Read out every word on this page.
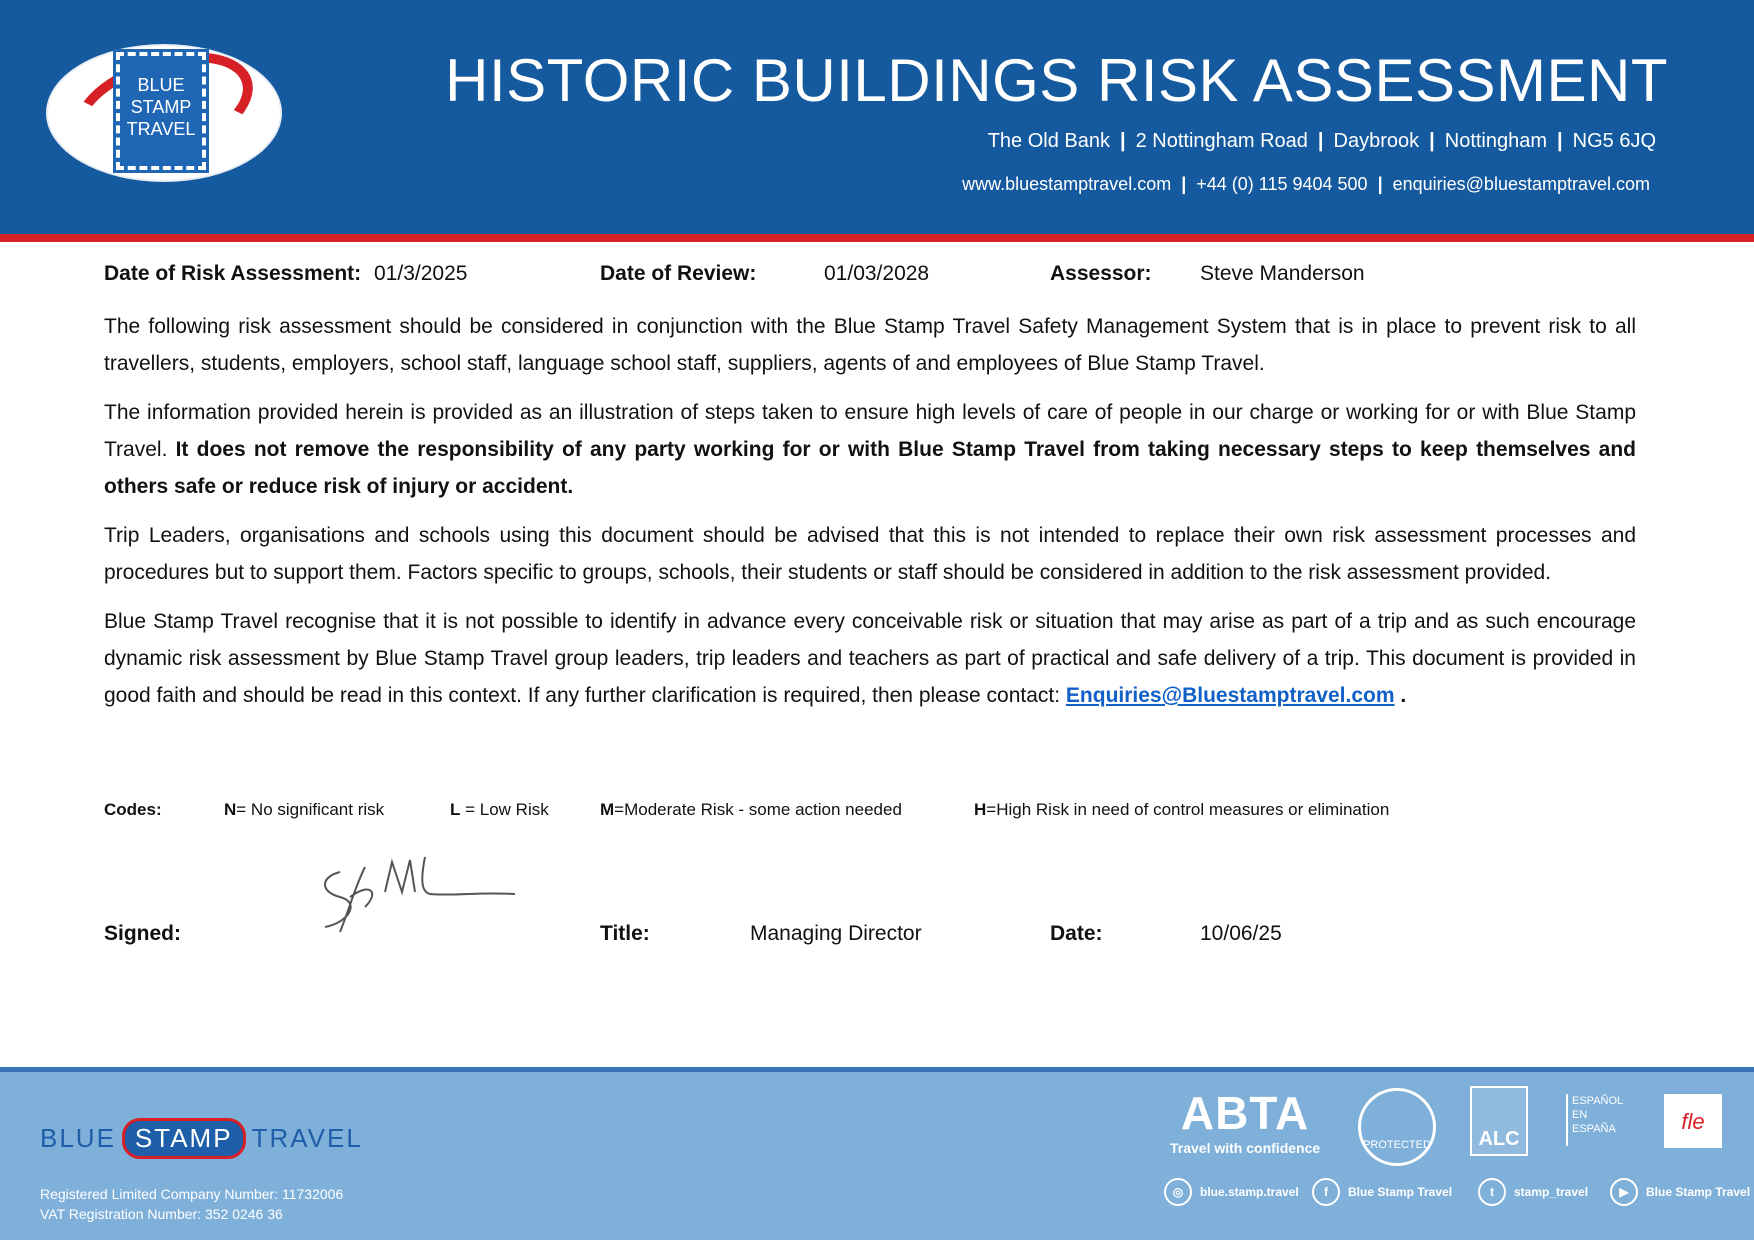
BLUE
STAMP
TRAVEL
HISTORIC BUILDINGS RISK ASSESSMENT
The Old Bank | 2 Nottingham Road | Daybrook | Nottingham | NG5 6JQ
www.bluestamptravel.com | +44 (0) 115 9404 500 | enquiries@bluestamptravel.com
Date of Risk Assessment: 01/3/2025	Date of Review:	01/03/2028	Assessor: Steve Manderson

The following risk assessment should be considered in conjunction with the Blue Stamp Travel Safety Management System that is in place to prevent risk to all travellers, students, employers, school staff, language school staff, suppliers, agents of and employees of Blue Stamp Travel.

The information provided herein is provided as an illustration of steps taken to ensure high levels of care of people in our charge or working for or with Blue Stamp Travel. It does not remove the responsibility of any party working for or with Blue Stamp Travel from taking necessary steps to keep themselves and others safe or reduce risk of injury or accident.

Trip Leaders, organisations and schools using this document should be advised that this is not intended to replace their own risk assessment processes and procedures but to support them. Factors specific to groups, schools, their students or staff should be considered in addition to the risk assessment provided.

Blue Stamp Travel recognise that it is not possible to identify in advance every conceivable risk or situation that may arise as part of a trip and as such encourage dynamic risk assessment by Blue Stamp Travel group leaders, trip leaders and teachers as part of practical and safe delivery of a trip. This document is provided in good faith and should be read in this context. If any further clarification is required, then please contact: Enquiries@Bluestamptravel.com .

Codes:	N= No significant risk	L = Low Risk	M=Moderate Risk - some action needed	H=High Risk in need of control measures or elimination
Signed:	Title:	Managing Director	Date:	10/06/25
BLUE STAMP TRAVEL
Registered Limited Company Number: 11732006
VAT Registration Number: 352 0246 36
ABTA
Travel with confidence	PROTECTED	ALC
ESPAÑOL
EN ESPAÑA	fle
◎	blue.stamp.travel	f	Blue Stamp Travel	t	stamp_travel	▶	Blue Stamp Travel
